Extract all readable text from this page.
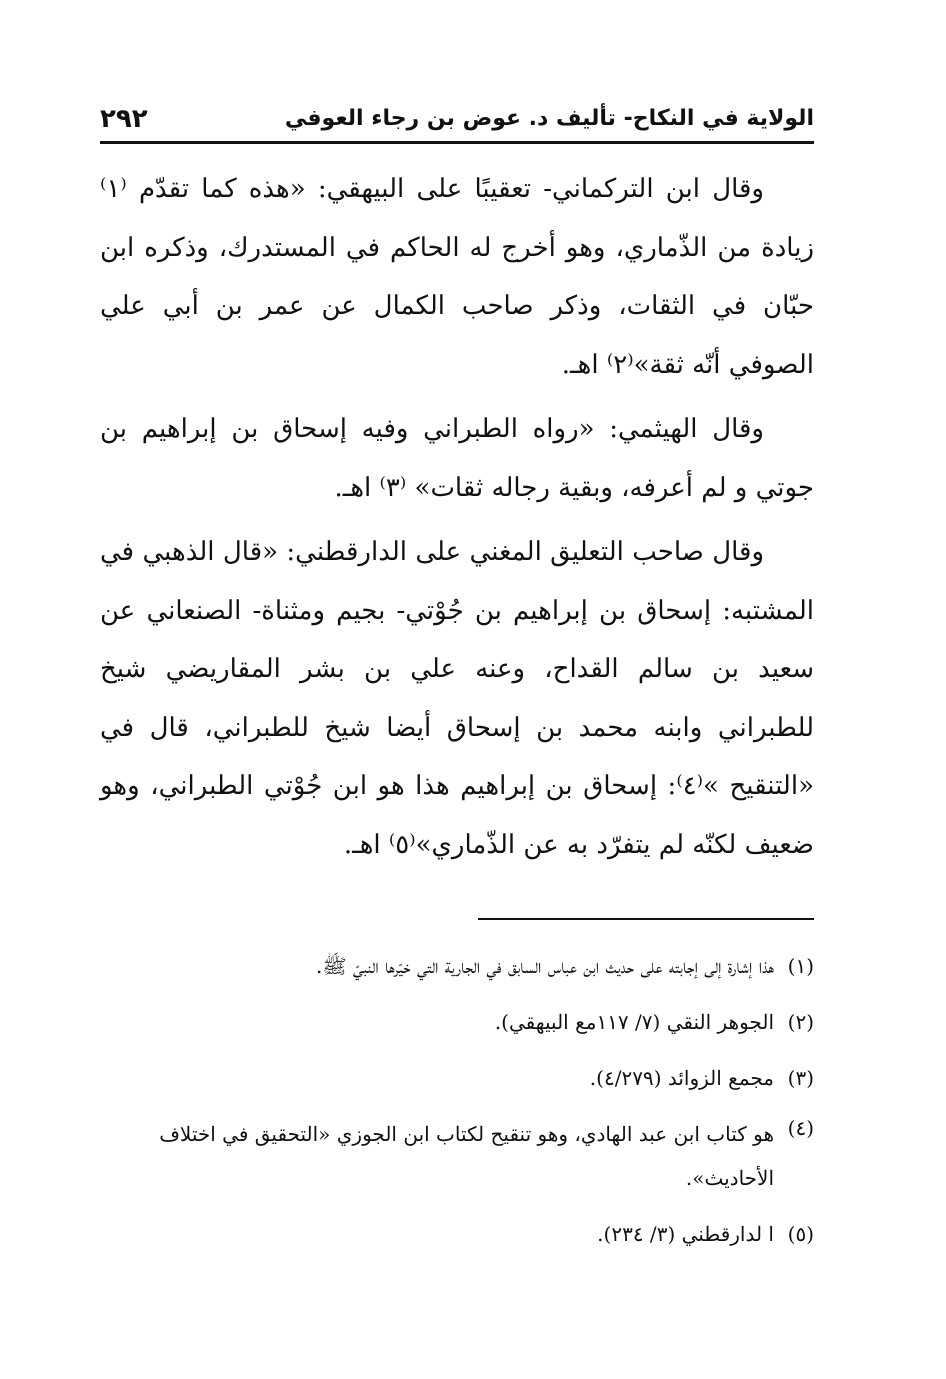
الولاية في النكاح- تأليف د. عوض بن رجاء العوفي
٢٩٢

وقال ابن التركماني- تعقيبًا على البيهقي: «هذه كما تقدّم ⁽١⁾ زيادة من الذّماري، وهو أخرج له الحاكم في المستدرك، وذكره ابن حبّان في الثقات، وذكر صاحب الكمال عن عمر بن أبي علي الصوفي أنّه ثقة»⁽٢⁾ اهـ.

وقال الهيثمي: «رواه الطبراني وفيه إسحاق بن إبراهيم بن جوتي و لم أعرفه، وبقية رجاله ثقات» ⁽٣⁾ اهـ.

وقال صاحب التعليق المغني على الدارقطني: «قال الذهبي في المشتبه: إسحاق بن إبراهيم بن جُوْتي- بجيم ومثناة- الصنعاني عن سعيد بن سالم القداح، وعنه علي بن بشر المقاريضي شيخ للطبراني وابنه محمد بن إسحاق أيضا شيخ للطبراني، قال في «التنقيح »⁽٤⁾: إسحاق بن إبراهيم هذا هو ابن جُوْتي الطبراني، وهو ضعيف لكنّه لم يتفرّد به عن الذّماري»⁽٥⁾ اهـ.

(١)
هذا إشارة إلى إجابته على حديث ابن عباس السابق في الجارية التي خيّرها النبيّ ﷺ.

(٢)
الجوهر النقي (٧/ ١١٧مع البيهقي).

(٣)
مجمع الزوائد (٤/٢٧٩).

(٤)
هو كتاب ابن عبد الهادي، وهو تنقيح لكتاب ابن الجوزي «التحقيق في اختلاف الأحاديث».

(٥)
ا لدارقطني (٣/ ٢٣٤).
